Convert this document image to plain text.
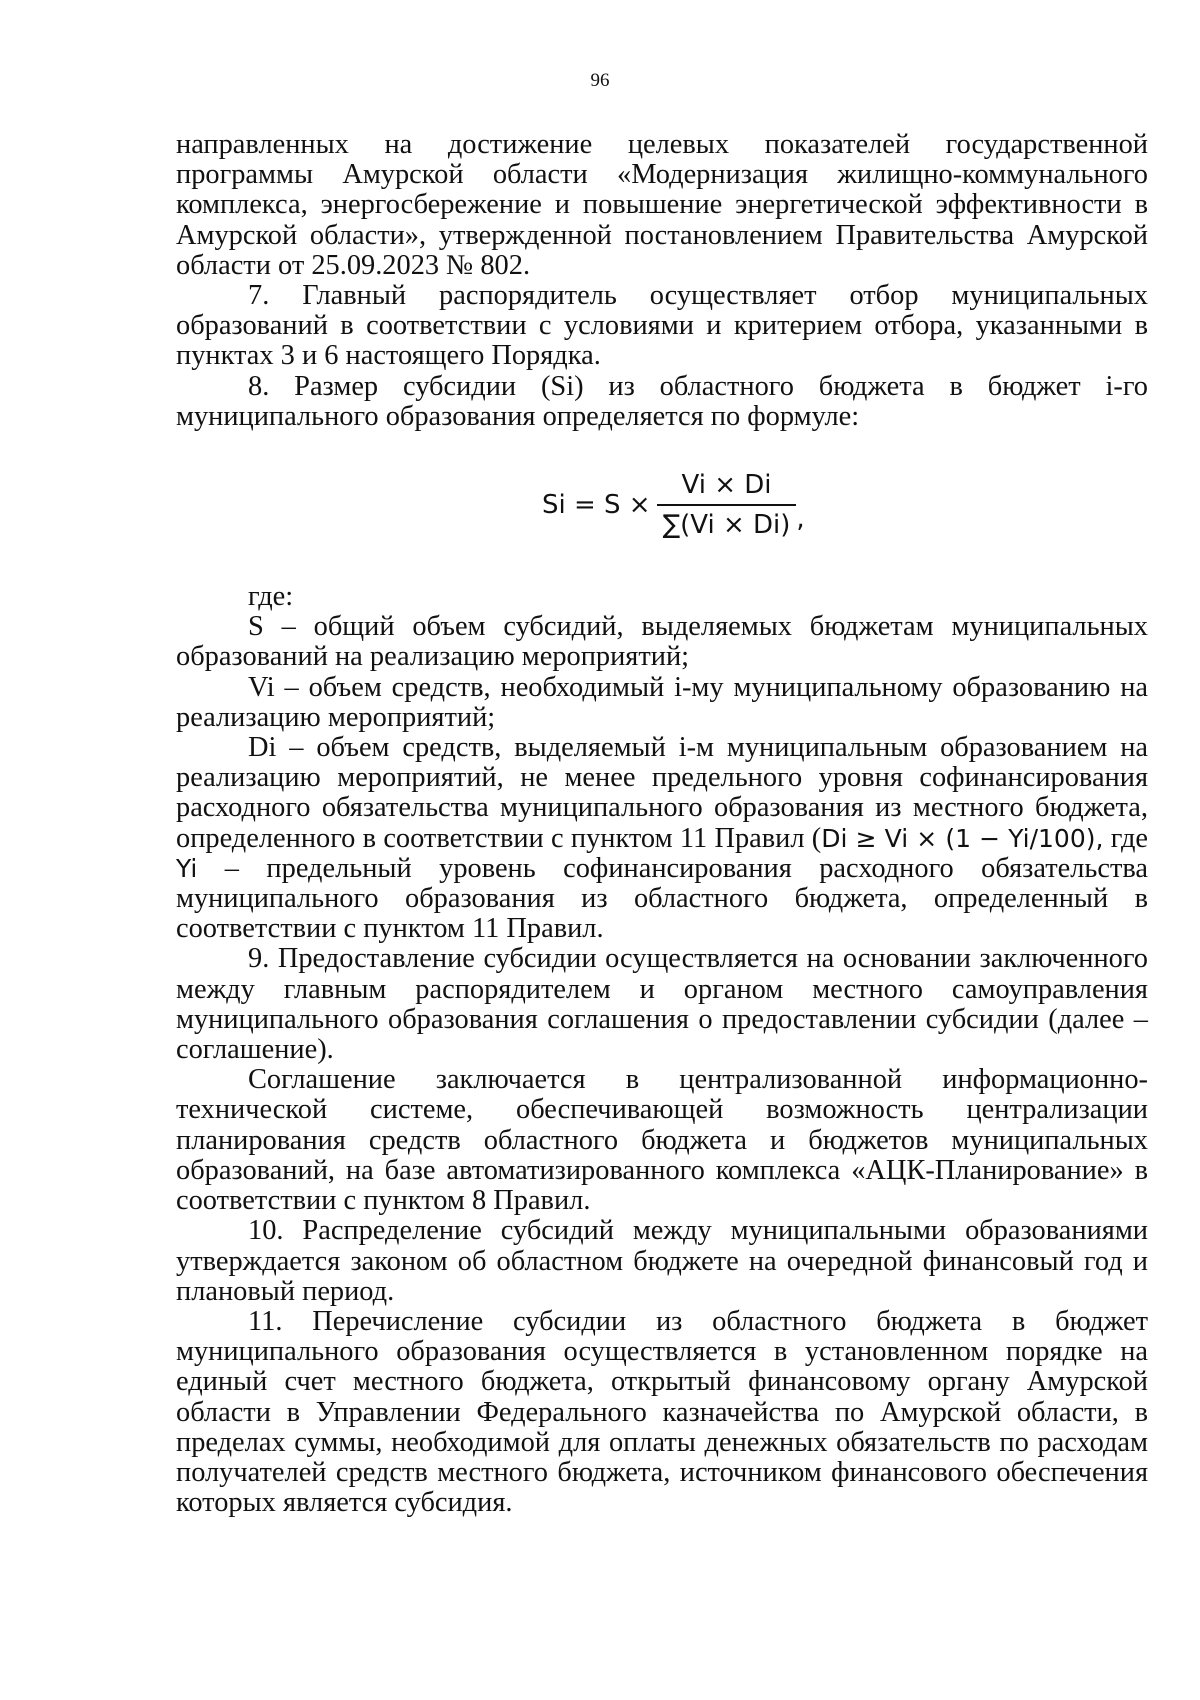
96

направленных на достижение целевых показателей государственной программы Амурской области «Модернизация жилищно-коммунального комплекса, энергосбережение и повышение энергетической эффективности в Амурской области», утвержденной постановлением Правительства Амурской области от 25.09.2023 № 802.

7. Главный распорядитель осуществляет отбор муниципальных образований в соответствии с условиями и критерием отбора, указанными в пунктах 3 и 6 настоящего Порядка.

8. Размер субсидии (Si) из областного бюджета в бюджет i-го муниципального образования определяется по формуле:

$Si = S \times \frac{Vi \times Di}{\sum(Vi \times Di)}$ ,

где:

S – общий объем субсидий, выделяемых бюджетам муниципальных образований на реализацию мероприятий;

Vi – объем средств, необходимый i-му муниципальному образованию на реализацию мероприятий;

Di – объем средств, выделяемый i-м муниципальным образованием на реализацию мероприятий, не менее предельного уровня софинансирования расходного обязательства муниципального образования из местного бюджета, определенного в соответствии с пунктом 11 Правил (Di ≥ Vi × (1 − Yi/100), где Yi – предельный уровень софинансирования расходного обязательства муниципального образования из областного бюджета, определенный в соответствии с пунктом 11 Правил.

9. Предоставление субсидии осуществляется на основании заключенного между главным распорядителем и органом местного самоуправления муниципального образования соглашения о предоставлении субсидии (далее – соглашение).

Соглашение заключается в централизованной информационно-технической системе, обеспечивающей возможность централизации планирования средств областного бюджета и бюджетов муниципальных образований, на базе автоматизированного комплекса «АЦК-Планирование» в соответствии с пунктом 8 Правил.

10. Распределение субсидий между муниципальными образованиями утверждается законом об областном бюджете на очередной финансовый год и плановый период.

11. Перечисление субсидии из областного бюджета в бюджет муниципального образования осуществляется в установленном порядке на единый счет местного бюджета, открытый финансовому органу Амурской области в Управлении Федерального казначейства по Амурской области, в пределах суммы, необходимой для оплаты денежных обязательств по расходам получателей средств местного бюджета, источником финансового обеспечения которых является субсидия.
